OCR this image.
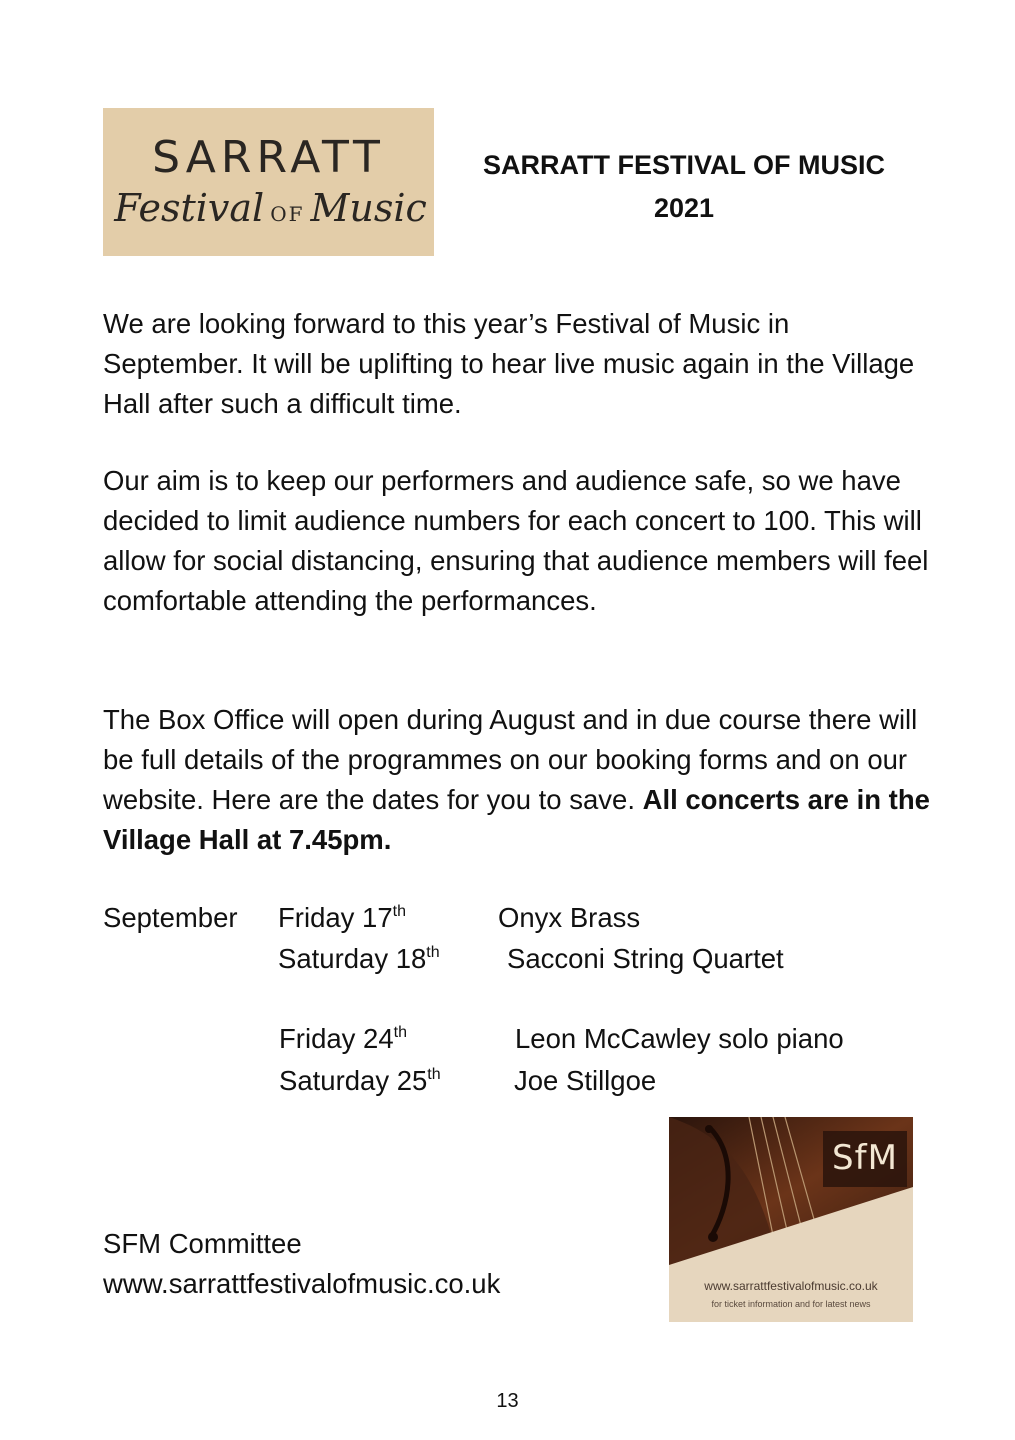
SARRATT
Festival OF Music
SARRATT FESTIVAL OF MUSIC
2021

We are looking forward to this year’s Festival of Music in September. It will be uplifting to hear live music again in the Village Hall after such a difficult time.

Our aim is to keep our performers and audience safe, so we have decided to limit audience numbers for each concert to 100. This will allow for social distancing, ensuring that audience members will feel comfortable attending the performances.

The Box Office will open during August and in due course there will be full details of the programmes on our booking forms and on our website. Here are the dates for you to save. All concerts are in the Village Hall at 7.45pm.

September Friday 17th	Onyx Brass
Saturday 18th Sacconi String Quartet
Friday 24th	Leon McCawley solo piano
Saturday 25th	Joe Stillgoe
SFM Committee
www.sarrattfestivalofmusic.co.uk
SfM
www.sarrattfestivalofmusic.co.uk
for ticket information and for latest news
13
